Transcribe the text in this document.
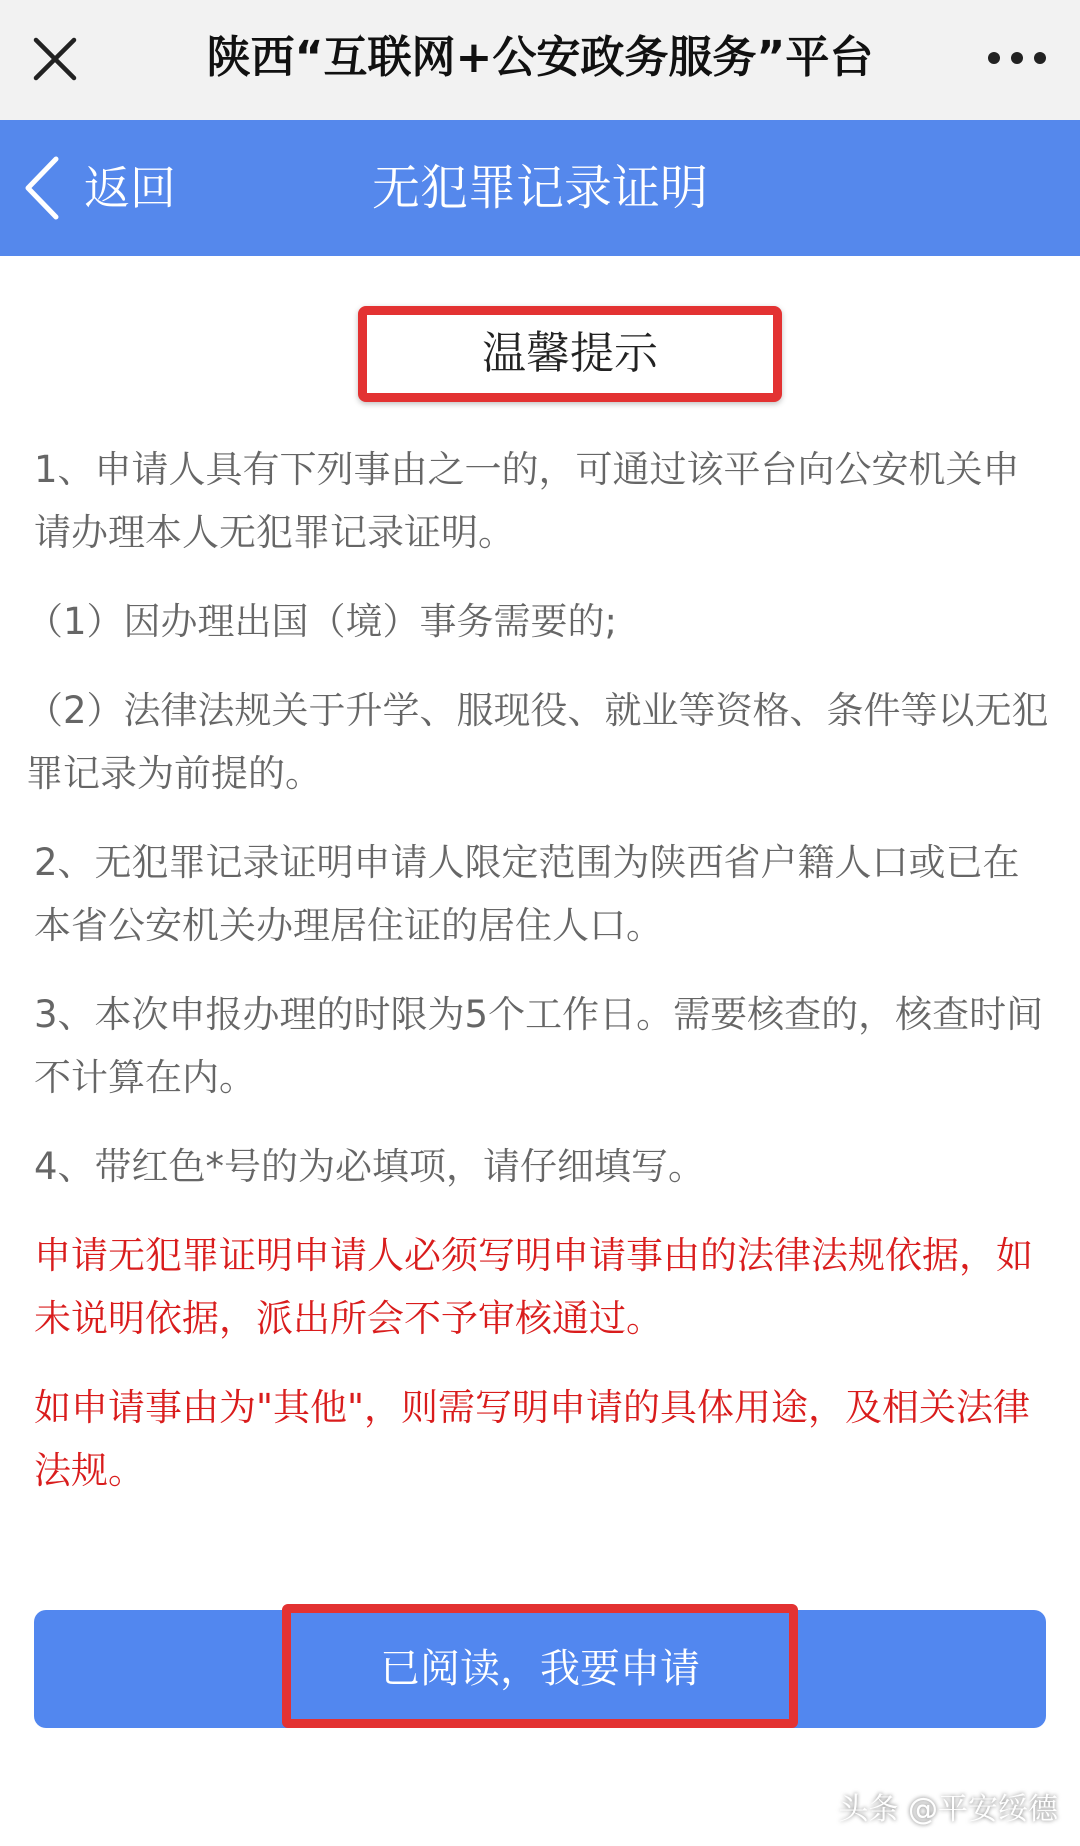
陕西“互联网+公安政务服务”平台
无犯罪记录证明
返回
温馨提示

1、申请人具有下列事由之一的，可通过该平台向公安机关申请办理本人无犯罪记录证明。

（1）因办理出国（境）事务需要的;

（2）法律法规关于升学、服现役、就业等资格、条件等以无犯罪记录为前提的。

2、无犯罪记录证明申请人限定范围为陕西省户籍人口或已在本省公安机关办理居住证的居住人口。

3、本次申报办理的时限为5个工作日。需要核查的，核查时间不计算在内。

4、带红色*号的为必填项，请仔细填写。

申请无犯罪证明申请人必须写明申请事由的法律法规依据，如未说明依据，派出所会不予审核通过。

如申请事由为"其他"，则需写明申请的具体用途，及相关法律法规。

已阅读，我要申请
头条 @平安绥德
